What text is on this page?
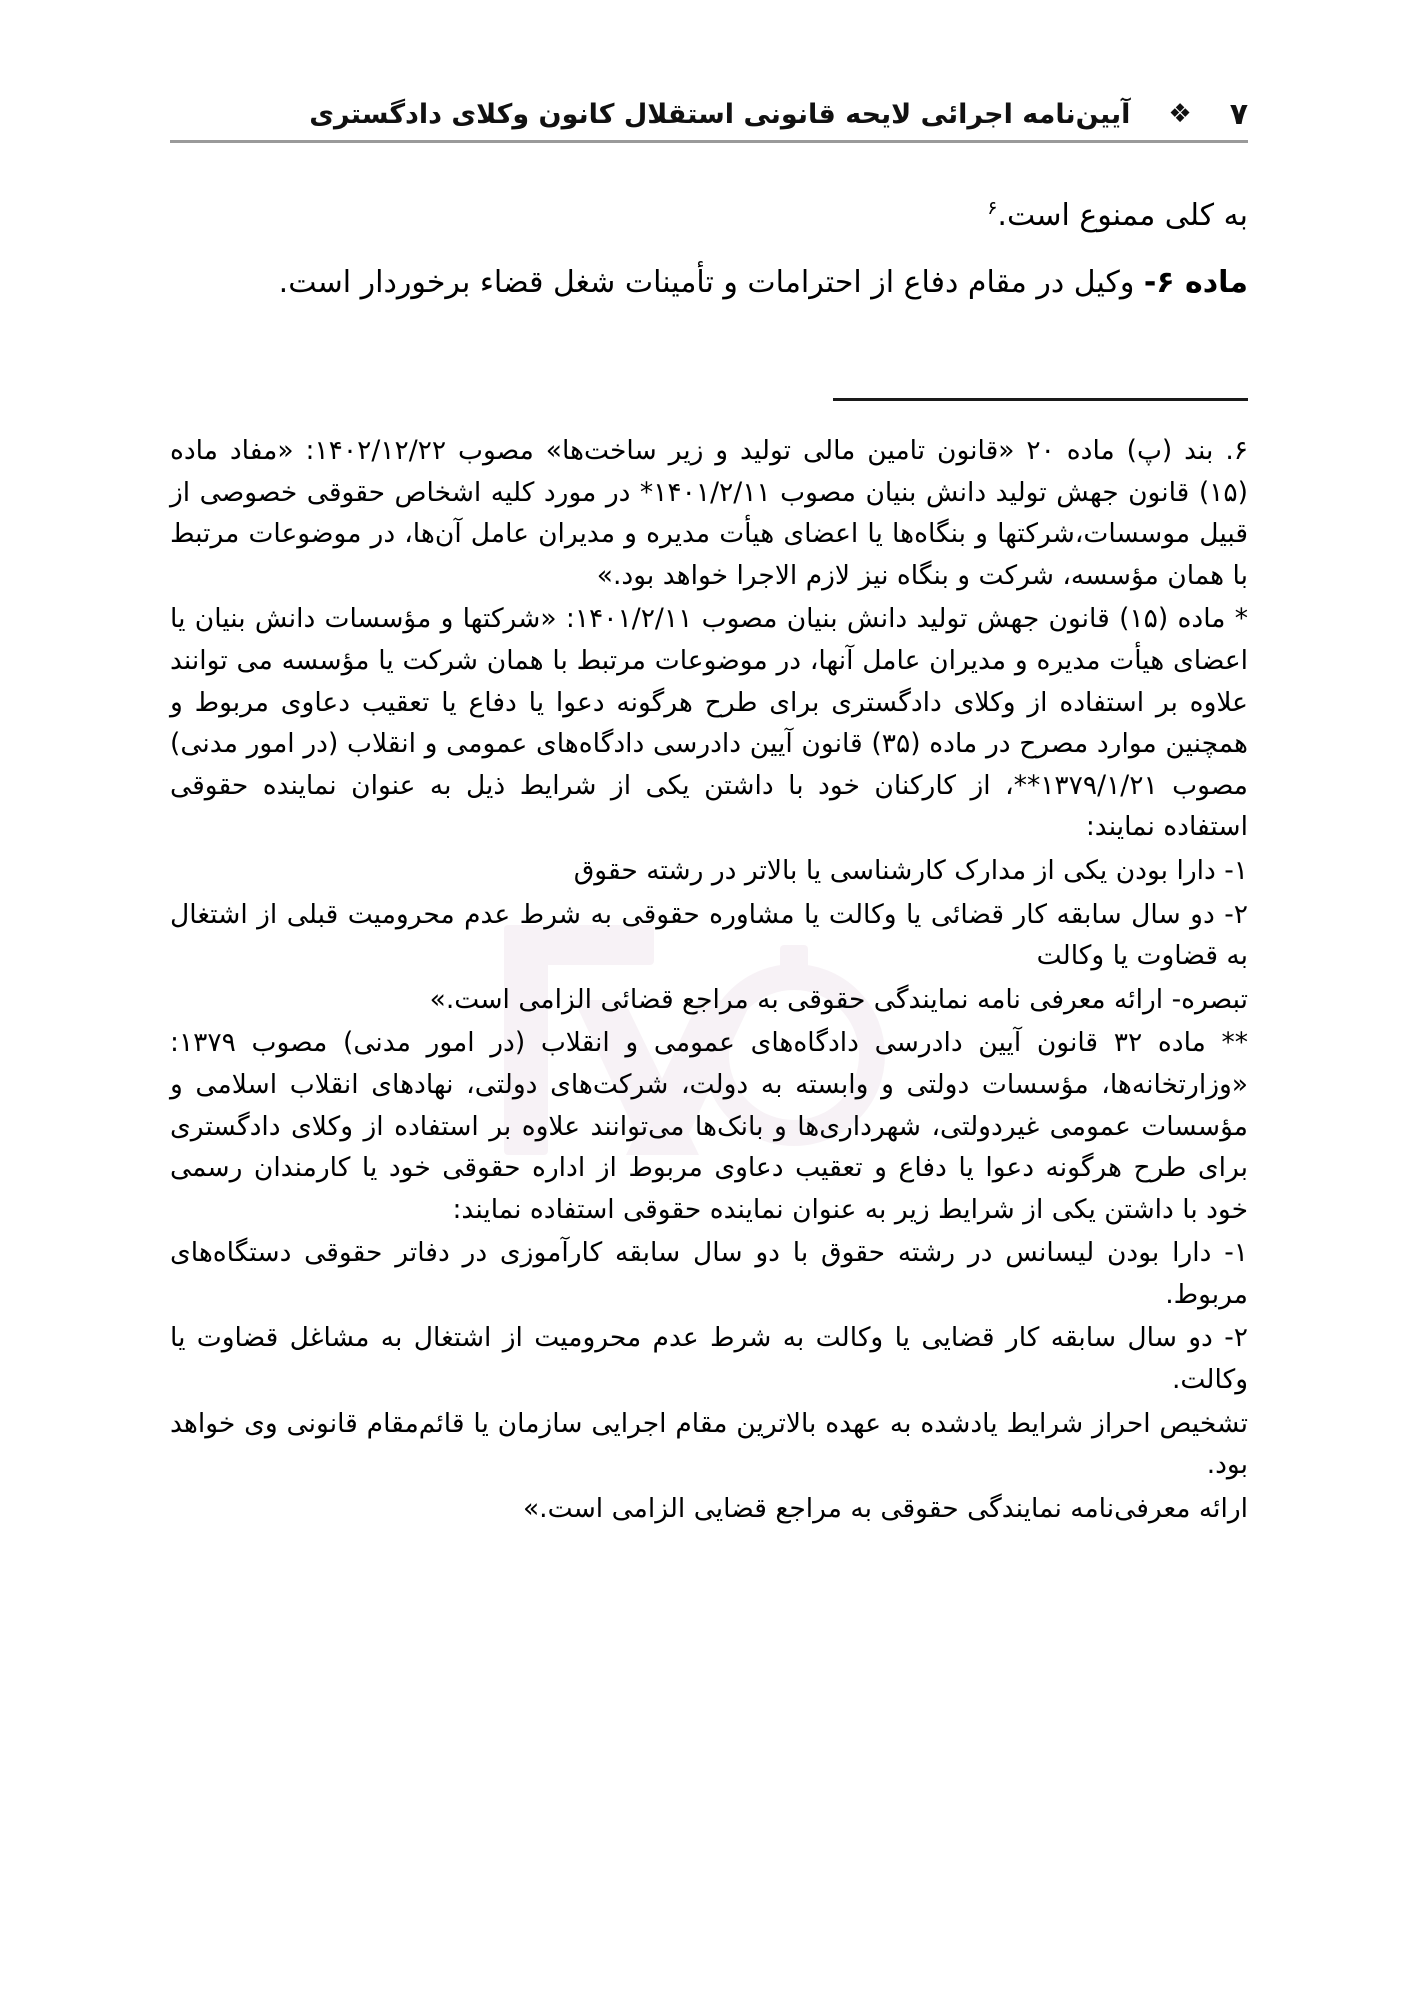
۷
❖
آیین‌نامه اجرائی لایحه قانونی استقلال کانون وکلای دادگستری

به کلی ممنوع است.$^۶$

ماده ۶- وکیل در مقام دفاع از احترامات و تأمینات شغل قضاء برخوردار است.

۶. بند (پ) ماده ۲۰ «قانون تامین مالی تولید و زیر ساخت‌ها» مصوب ۱۴۰۲/۱۲/۲۲: «مفاد ماده (۱۵) قانون جهش تولید دانش بنیان مصوب ۱۴۰۱/۲/۱۱* در مورد کلیه اشخاص حقوقی خصوصی از قبیل موسسات،شرکتها و بنگاه‌ها یا اعضای هیأت مدیره و مدیران عامل آن‌ها، در موضوعات مرتبط با همان مؤسسه، شرکت و بنگاه نیز لازم الاجرا خواهد بود.»

* ماده (۱۵) قانون جهش تولید دانش بنیان مصوب ۱۴۰۱/۲/۱۱: «شرکتها و مؤسسات دانش بنیان یا اعضای هیأت مدیره و مدیران عامل آنها، در موضوعات مرتبط با همان شرکت یا مؤسسه می توانند علاوه بر استفاده از وکلای دادگستری برای طرح هرگونه دعوا یا دفاع یا تعقیب دعاوی مربوط و همچنین موارد مصرح در ماده (۳۵) قانون آیین دادرسی دادگاه‌های عمومی و انقلاب (در امور مدنی) مصوب ۱۳۷۹/۱/۲۱**، از کارکنان خود با داشتن یکی از شرایط ذیل به عنوان نماینده حقوقی استفاده نمایند:

۱- دارا بودن یکی از مدارک کارشناسی یا بالاتر در رشته حقوق

۲- دو سال سابقه کار قضائی یا وکالت یا مشاوره حقوقی به شرط عدم محرومیت قبلی از اشتغال به قضاوت یا وکالت

تبصره- ارائه معرفی نامه نمایندگی حقوقی به مراجع قضائی الزامی است.»

** ماده ۳۲ قانون آیین دادرسی دادگاه‌های عمومی و انقلاب (در امور مدنی) مصوب ۱۳۷۹: «وزارتخانه‌ها، مؤسسات دولتی و وابسته به دولت، شرکت‌های دولتی، نهادهای انقلاب اسلامی و مؤسسات عمومی غیردولتی، شهرداری‌ها و بانک‌ها می‌توانند علاوه بر استفاده از وکلای دادگستری برای طرح هرگونه دعوا یا دفاع و تعقیب دعاوی مربوط از اداره حقوقی خود یا کارمندان رسمی خود با داشتن یکی از شرایط زیر به عنوان نماینده حقوقی استفاده نمایند:

۱- دارا بودن لیسانس در رشته حقوق با دو سال سابقه کارآموزی در دفاتر حقوقی دستگاه‌های مربوط.

۲- دو سال سابقه کار قضایی یا وکالت به شرط عدم محرومیت از اشتغال به مشاغل قضاوت یا وکالت.

تشخیص احراز شرایط یادشده به عهده بالاترین مقام اجرایی سازمان یا قائم‌مقام قانونی وی خواهد بود.

ارائه معرفی‌نامه نمایندگی حقوقی به مراجع قضایی الزامی است.»
